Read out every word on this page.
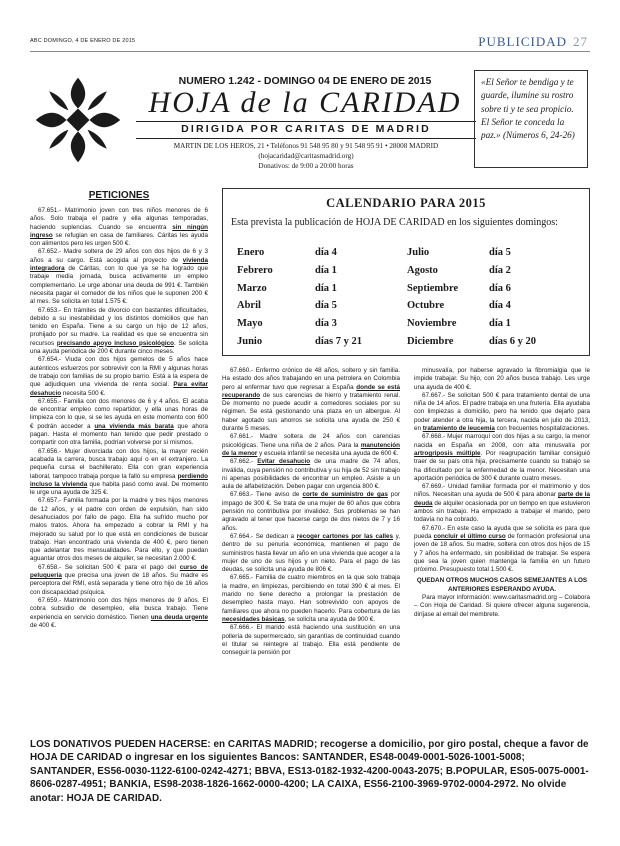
ABC DOMINGO, 4 DE ENERO DE 2015	PUBLICIDAD 27
NUMERO 1.242 - DOMINGO 04 DE ENERO DE 2015
HOJA de la CARIDAD
DIRIGIDA POR CARITAS DE MADRID
MARTIN DE LOS HEROS, 21 • Teléfonos 91 548 95 80 y 91 548 95 91 • 28008 MADRID
(hojacaridad@caritasmadrid.org)
Donativos: de 9:00 a 20:00 horas
«El Señor te bendiga y te guarde, ilumine su rostro sobre ti y te sea propicio. El Señor te conceda la paz.» (Números 6, 24-26)
PETICIONES

67.651.- Matrimonio joven con tres niños menores de 6 años. Solo trabaja el padre y ella algunas temporadas, haciendo suplencias. Cuando se encuentra sin ningún ingreso se refugian en casa de familiares. Cáritas les ayuda con alimentos pero les urgen 500 €.

67.652.- Madre soltera de 29 años con dos hijos de 6 y 3 años a su cargo. Está acogida al proyecto de vivienda integradora de Cáritas, con lo que ya se ha logrado que trabaje media jornada, busca activamente un empleo complementario. Le urge abonar una deuda de 991 €. También necesita pagar el comedor de los niños que le suponen 200 € al mes. Se solicita en total 1.575 €.

67.653.- En trámites de divorcio con bastantes dificultades, debido a su inestabilidad y los distintos domicilios que han tenido en España. Tiene a su cargo un hijo de 12 años, prohijado por su madre. La realidad es que se encuentra sin recursos precisando apoyo incluso psicológico. Se solicita una ayuda periódica de 200 € durante cinco meses.

67.654.- Viuda con dos hijos gemelos de 5 años hace auténticos esfuerzos por sobrevivir con la RMI y algunas horas de trabajo con familias de su propio barrio. Está a la espera de que adjudiquen una vivienda de renta social. Para evitar desahucio necesita 500 €.

67.655.- Familia con dos menores de 6 y 4 años. El acaba de encontrar empleo como repartidor, y ella unas horas de limpieza con lo que, si se les ayuda en este momento con 600 € podrán acceder a una vivienda más barata que ahora pagan. Hasta el momento han tenido que pedir prestado o compartir con otra familia, podrían volverse por sí mismos.

67.656.- Mujer divorciada con dos hijos, la mayor recién acabada la carrera, busca trabajo aquí o en el extranjero. La pequeña cursa el bachillerato. Ella con gran experiencia laboral, tampoco trabaja porque la falló su empresa perdiendo incluso la vivienda que habita pasó como aval. De momento le urge una ayuda de 325 €.

67.657.- Familia formada por la madre y tres hijos menores de 12 años, y el padre con orden de expulsión, han sido desahuciados por fallo de pago. Ella ha sufrido mucho por malos tratos. Ahora ha empezado a cobrar la RMI y ha mejorado su salud por lo que está en condiciones de buscar trabajo. Han encontrado una vivienda de 400 €, pero tienen que adelantar tres mensualidades. Para ello, y que puedan aguantar otros dos meses de alquiler, se necesitan 2.000 €.

67.658.- Se solicitan 500 € para el pago del curso de peluquería que precisa una joven de 18 años. Su madre es perceptora del RMI, está separada y tiene otro hijo de 16 años con discapacidad psíquica.

67.659.- Matrimonio con dos hijos menores de 9 años. El cobra subsidio de desempleo, ella busca trabajo. Tiene experiencia en servicio doméstico. Tienen una deuda urgente de 400 €.

CALENDARIO PARA 2015
Esta prevista la publicación de HOJA DE CARIDAD en los siguientes domingos:
Enero	día 4	Julio	día 5
Febrero	día 1	Agosto	día 2
Marzo	día 1	Septiembre	día 6
Abril	día 5	Octubre	día 4
Mayo	día 3	Noviembre	día 1
Junio	días 7 y 21	Diciembre	días 6 y 20

67.660.- Enfermo crónico de 48 años, soltero y sin familia. Ha estado dos años trabajando en una petrolera en Colombia pero al enfermar tuvo que regresar a España donde se está recuperando de sus carencias de hierro y tratamiento renal. De momento no puede acudir a comedores sociales por su régimen. Se está gestionando una plaza en un albergue. Al haber agotado sus ahorros se solicita una ayuda de 250 € durante 5 meses.

67.661.- Madre soltera de 24 años con carencias psicológicas. Tiene una niña de 2 años. Para la manutención de la menor y escuela infantil se necesita una ayuda de 600 €.

67.662.- Evitar desahucio de una madre de 74 años, inválida, cuya pensión no contributiva y su hija de 52 sin trabajo ni apenas posibilidades de encontrar un empleo. Asiste a un aula de alfabetización. Deben pagar con urgencia 800 €.

67.663.- Tiene aviso de corte de suministro de gas por impago de 300 €. Se trata de una mujer de 60 años que cobra pensión no contributiva por invalidez. Sus problemas se han agravado al tener que hacerse cargo de dos nietos de 7 y 16 años.

67.664.- Se dedican a recoger cartones por las calles y, dentro de su penuria económica, mantienen el pago de suministros hasta llevar un año en una vivienda que acoger a la mujer de uno de sus hijos y un nieto. Para el pago de las deudas, se solicita una ayuda de 806 €.

67.665.- Familia de cuatro miembros en la que solo trabaja la madre, en limpiezas, percibiendo en total 390 € al mes. El marido no tiene derecho a prolongar la prestación de desempleo hasta mayo. Han sobrevivido con apoyos de familiares que ahora no pueden hacerlo. Para cobertura de las necesidades básicas, se solicita una ayuda de 900 €.

67.666.- El marido está haciendo una sustitución en una pollería de supermercado, sin garantías de continuidad cuando el titular se reintegre al trabajo. Ella está pendiente de conseguir la pensión por

minusvalía, por haberse agravado la fibromialgia que le impide trabajar. Su hijo, con 20 años busca trabajo. Les urge una ayuda de 400 €.

67.667.- Se solicitan 500 € para tratamiento dental de una niña de 14 años. El padre trabaja en una frutería. Ella ayudaba con limpiezas a domicilio, pero ha tenido que dejarlo para poder atender a otra hija, la tercera, nacida en julio de 2013, en tratamiento de leucemia con frecuentes hospitalizaciones.

67.668.- Mujer marroquí con dos hijas a su cargo, la menor nacida en España en 2008, con alta minusvalía por artrogriposis múltiple. Por reagrupación familiar consiguió traer de su país otra hija, precisamente cuando su trabajo se ha dificultado por la enfermedad de la menor. Necesitan una aportación periódica de 300 € durante cuatro meses.

67.669.- Unidad familiar formada por el matrimonio y dos niños. Necesitan una ayuda de 500 € para abonar parte de la deuda de alquiler ocasionada por un tiempo en que estuvieron ambos sin trabajo. Ha empezado a trabajar el marido, pero todavía no ha cobrado.

67.670.- En este caso la ayuda que se solicita es para que pueda concluir el último curso de formación profesional una joven de 18 años. Su madre, soltera con otros dos hijos de 15 y 7 años ha enfermado, sin posibilidad de trabajar. Se espera que sea la joven quien mantenga la familia en un futuro próximo. Presupuesto total 1.500 €.

QUEDAN OTROS MUCHOS CASOS SEMEJANTES A LOS ANTERIORES ESPERANDO AYUDA.

Para mayor información: www.caritasmadrid.org – Colabora – Con Hoja de Caridad. Si quiere ofrecer alguna sugerencia, diríjase al email del membrete.

LOS DONATIVOS PUEDEN HACERSE: en CARITAS MADRID; recogerse a domicilio, por giro postal, cheque a favor de HOJA DE CARIDAD o ingresar en los siguientes Bancos: SANTANDER, ES48-0049-0001-5026-1001-5008; SANTANDER, ES56-0030-1122-6100-0242-4271; BBVA, ES13-0182-1932-4200-0043-2075; B.POPULAR, ES05-0075-0001-8606-0287-4951; BANKIA, ES98-2038-1826-1662-0000-4200; LA CAIXA, ES56-2100-3969-9702-0004-2972. No olvide anotar: HOJA DE CARIDAD.
